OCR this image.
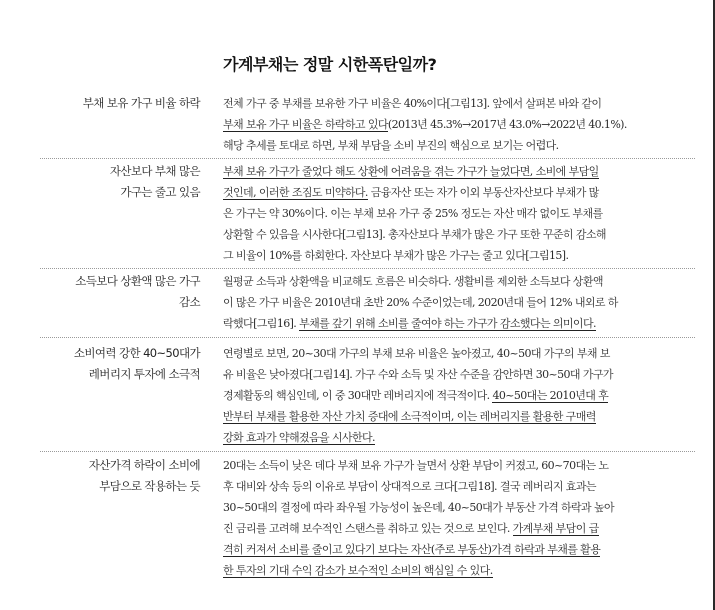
가계부채는 정말 시한폭탄일까?
부채 보유 가구 비율 하락 전체 가구 중 부채를 보유한 가구 비율은 40%이다[그림13]. 앞에서 살펴본 바와 같이
부채 보유 가구 비율은 하락하고 있다(2013년 45.3%→2017년 43.0%→2022년 40.1%).
해당 추세를 토대로 하면, 부채 부담을 소비 부진의 핵심으로 보기는 어렵다.
자산보다 부채 많은
가구는 줄고 있음
부채 보유 가구가 줄었다 해도 상환에 어려움을 겪는 가구가 늘었다면, 소비에 부담일
것인데, 이러한 조짐도 미약하다. 금융자산 또는 자가 이외 부동산자산보다 부채가 많
은 가구는 약 30%이다. 이는 부채 보유 가구 중 25% 정도는 자산 매각 없이도 부채를
상환할 수 있음을 시사한다[그림13]. 총자산보다 부채가 많은 가구 또한 꾸준히 감소해
그 비율이 10%를 하회한다. 자산보다 부채가 많은 가구는 줄고 있다[그림15].
소득보다 상환액 많은 가구
감소
월평균 소득과 상환액을 비교해도 흐름은 비슷하다. 생활비를 제외한 소득보다 상환액
이 많은 가구 비율은 2010년대 초반 20% 수준이었는데, 2020년대 들어 12% 내외로 하
락했다[그림16]. 부채를 갚기 위해 소비를 줄여야 하는 가구가 감소했다는 의미이다.
소비여력 강한 40~50대가
레버리지 투자에 소극적
연령별로 보면, 20~30대 가구의 부채 보유 비율은 높아졌고, 40~50대 가구의 부채 보
유 비율은 낮아졌다[그림14]. 가구 수와 소득 및 자산 수준을 감안하면 30~50대 가구가
경제활동의 핵심인데, 이 중 30대만 레버리지에 적극적이다. 40~50대는 2010년대 후
반부터 부채를 활용한 자산 가치 증대에 소극적이며, 이는 레버리지를 활용한 구매력
강화 효과가 약해졌음을 시사한다.
자산가격 하락이 소비에
부담으로 작용하는 듯
20대는 소득이 낮은 데다 부채 보유 가구가 늘면서 상환 부담이 커졌고, 60~70대는 노
후 대비와 상속 등의 이유로 부담이 상대적으로 크다[그림18]. 결국 레버리지 효과는
30~50대의 결정에 따라 좌우될 가능성이 높은데, 40~50대가 부동산 가격 하락과 높아
진 금리를 고려해 보수적인 스탠스를 취하고 있는 것으로 보인다. 가계부채 부담이 급
격히 커져서 소비를 줄이고 있다기 보다는 자산(주로 부동산)가격 하락과 부채를 활용
한 투자의 기대 수익 감소가 보수적인 소비의 핵심일 수 있다.
